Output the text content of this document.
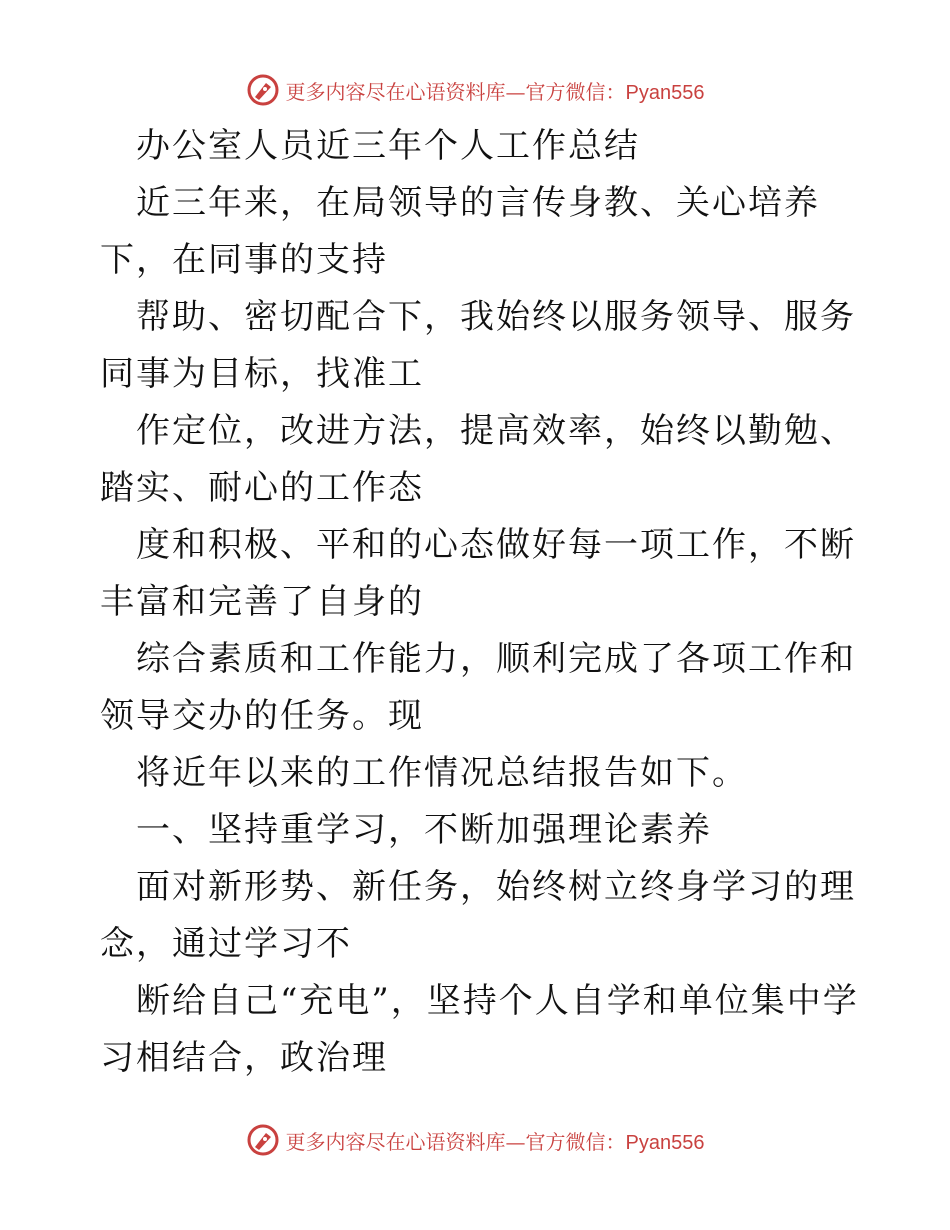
更多内容尽在心语资料库—官方微信：Pyan556

办公室人员近三年个人工作总结

近三年来，在局领导的言传身教、关心培养下，在同事的支持

帮助、密切配合下，我始终以服务领导、服务同事为目标，找准工

作定位，改进方法，提高效率，始终以勤勉、踏实、耐心的工作态

度和积极、平和的心态做好每一项工作，不断丰富和完善了自身的

综合素质和工作能力，顺利完成了各项工作和领导交办的任务。现

将近年以来的工作情况总结报告如下。

一、坚持重学习，不断加强理论素养

面对新形势、新任务，始终树立终身学习的理念，通过学习不

断给自己“充电”，坚持个人自学和单位集中学习相结合，政治理

更多内容尽在心语资料库—官方微信：Pyan556
